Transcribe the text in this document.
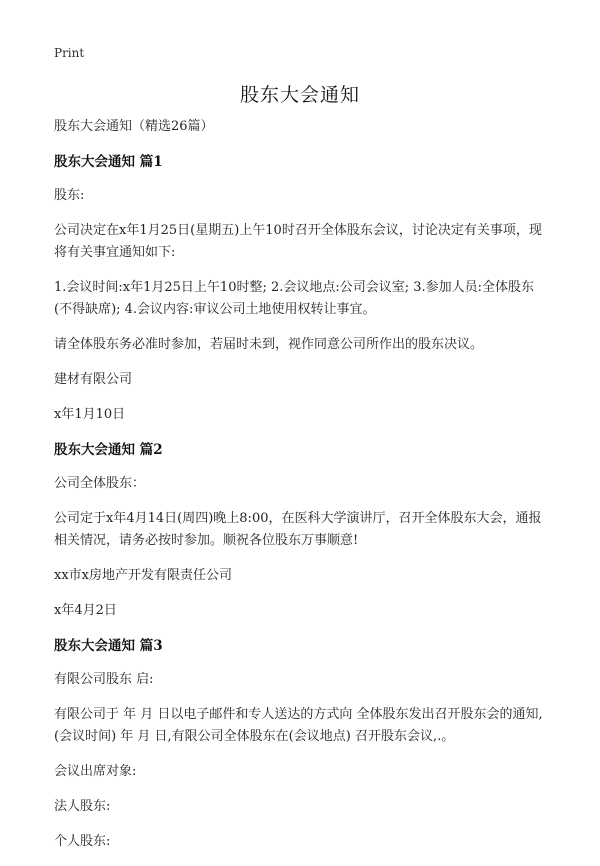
Print
股东大会通知

股东大会通知（精选26篇）

股东大会通知 篇1

股东:

公司决定在x年1月25日(星期五)上午10时召开全体股东会议，讨论决定有关事项，现将有关事宜通知如下:

1.会议时间:x年1月25日上午10时整; 2.会议地点:公司会议室; 3.参加人员:全体股东(不得缺席); 4.会议内容:审议公司土地使用权转让事宜。

请全体股东务必准时参加，若届时未到，视作同意公司所作出的股东决议。

建材有限公司

x年1月10日

股东大会通知 篇2

公司全体股东：

公司定于x年4月14日(周四)晚上8:00，在医科大学演讲厅，召开全体股东大会，通报相关情况，请务必按时参加。顺祝各位股东万事顺意!

xx市x房地产开发有限责任公司

x年4月2日

股东大会通知 篇3

有限公司股东 启:

有限公司于 年 月 日以电子邮件和专人送达的方式向 全体股东发出召开股东会的通知,(会议时间) 年 月 日,有限公司全体股东在(会议地点) 召开股东会议,.。

会议出席对象:

法人股东:

个人股东:
